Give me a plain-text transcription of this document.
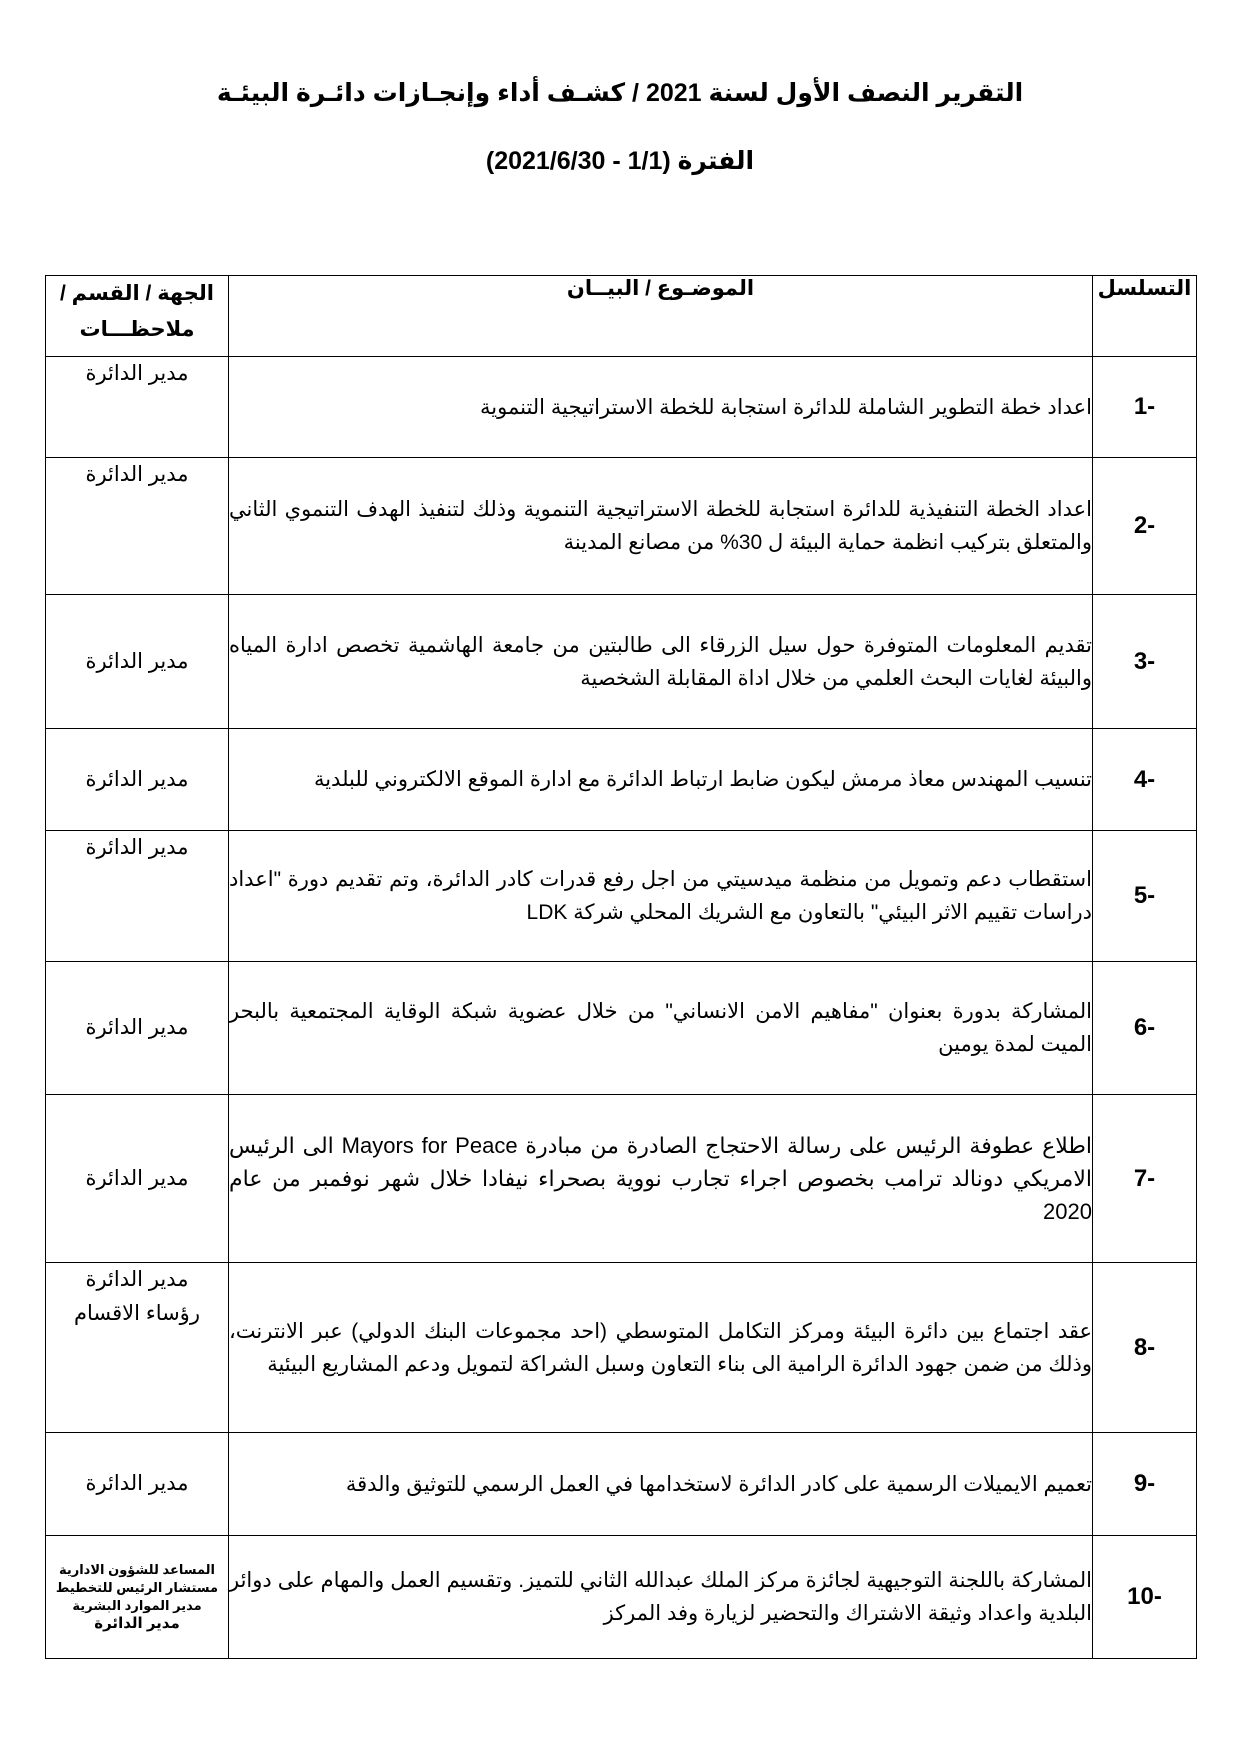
التقرير النصف الأول لسنة 2021 / كشـف أداء وإنجـازات دائـرة البيئـة
الفترة (1/1 - 2021/6/30)
التسلسل	الموضـوع / البيــان	الجهة / القسم /
ملاحظـــات

1-	اعداد خطة التطوير الشاملة للدائرة استجابة للخطة الاستراتيجية التنموية	مدير الدائرة
2-	اعداد الخطة التنفيذية للدائرة استجابة للخطة الاستراتيجية التنموية وذلك لتنفيذ الهدف التنموي الثاني والمتعلق بتركيب انظمة حماية البيئة ل 30% من مصانع المدينة	مدير الدائرة
3-	تقديم المعلومات المتوفرة حول سيل الزرقاء الى طالبتين من جامعة الهاشمية تخصص ادارة المياه والبيئة لغايات البحث العلمي من خلال اداة المقابلة الشخصية	مدير الدائرة
4-	تنسيب المهندس معاذ مرمش ليكون ضابط ارتباط الدائرة مع ادارة الموقع الالكتروني للبلدية	مدير الدائرة
5-	استقطاب دعم وتمويل من منظمة ميدسيتي من اجل رفع قدرات كادر الدائرة، وتم تقديم دورة "اعداد دراسات تقييم الاثر البيئي" بالتعاون مع الشريك المحلي شركة LDK	مدير الدائرة
6-	المشاركة بدورة بعنوان "مفاهيم الامن الانساني" من خلال عضوية شبكة الوقاية المجتمعية بالبحر الميت لمدة يومين	مدير الدائرة
7-	اطلاع عطوفة الرئيس على رسالة الاحتجاج الصادرة من مبادرة Mayors for Peace الى الرئيس الامريكي دونالد ترامب بخصوص اجراء تجارب نووية بصحراء نيفادا خلال شهر نوفمبر من عام 2020	مدير الدائرة
8-	عقد اجتماع بين دائرة البيئة ومركز التكامل المتوسطي (احد مجموعات البنك الدولي) عبر الانترنت، وذلك من ضمن جهود الدائرة الرامية الى بناء التعاون وسبل الشراكة لتمويل ودعم المشاريع البيئية	مدير الدائرة
رؤساء الاقسام

9-	تعميم الايميلات الرسمية على كادر الدائرة لاستخدامها في العمل الرسمي للتوثيق والدقة	مدير الدائرة
10-	المشاركة باللجنة التوجيهية لجائزة مركز الملك عبدالله الثاني للتميز. وتقسيم العمل والمهام على دوائر البلدية واعداد وثيقة الاشتراك والتحضير لزيارة وفد المركز	المساعد للشؤون الادارية
مستشار الرئيس للتخطيط
مدير الموارد البشرية
مدير الدائرة
